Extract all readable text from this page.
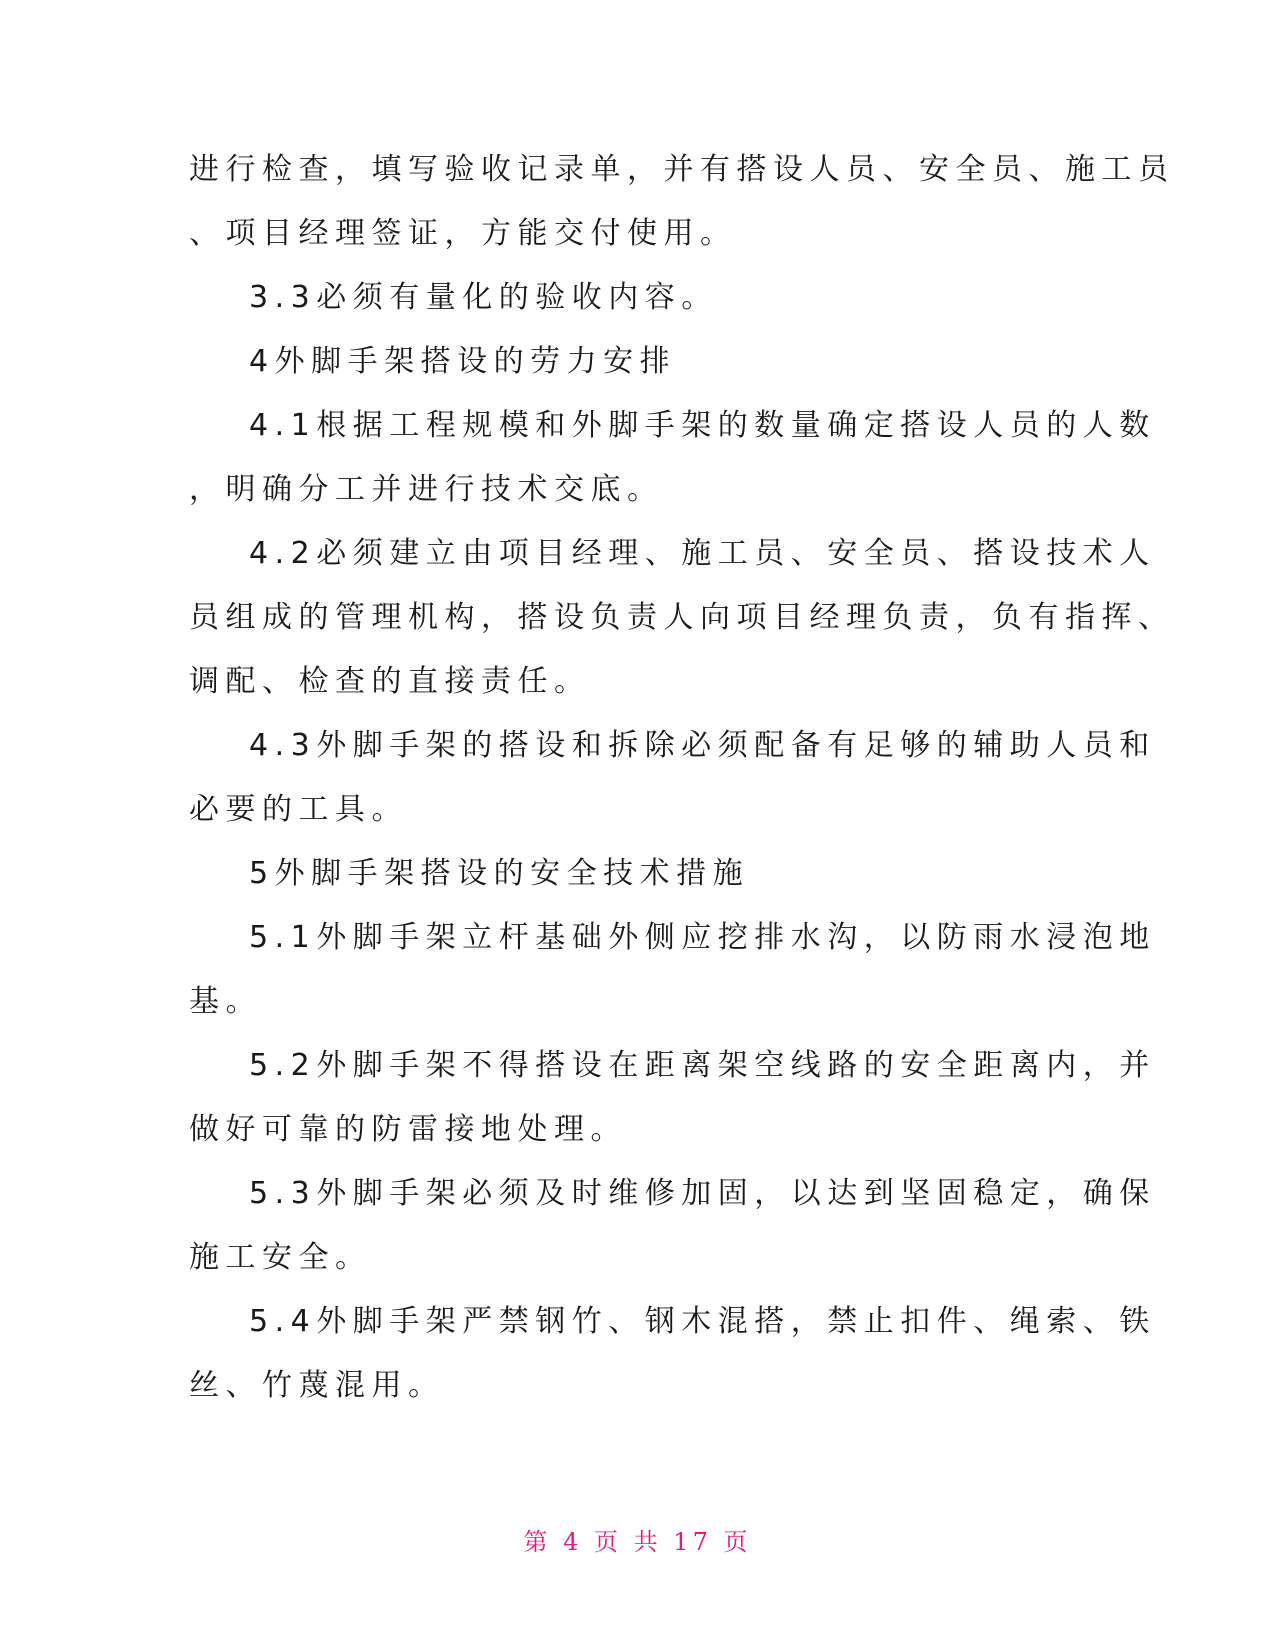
进行检查，填写验收记录单，并有搭设人员、安全员、施工员
、项目经理签证，方能交付使用。
3.3必须有量化的验收内容。
4外脚手架搭设的劳力安排
4.1根据工程规模和外脚手架的数量确定搭设人员的人数
，明确分工并进行技术交底。
4.2必须建立由项目经理、施工员、安全员、搭设技术人
员组成的管理机构，搭设负责人向项目经理负责，负有指挥、
调配、检查的直接责任。
4.3外脚手架的搭设和拆除必须配备有足够的辅助人员和
必要的工具。
5外脚手架搭设的安全技术措施
5.1外脚手架立杆基础外侧应挖排水沟，以防雨水浸泡地
基。
5.2外脚手架不得搭设在距离架空线路的安全距离内，并
做好可靠的防雷接地处理。
5.3外脚手架必须及时维修加固，以达到坚固稳定，确保
施工安全。
5.4外脚手架严禁钢竹、钢木混搭，禁止扣件、绳索、铁
丝、竹蔑混用。
第 4 页 共 17 页
